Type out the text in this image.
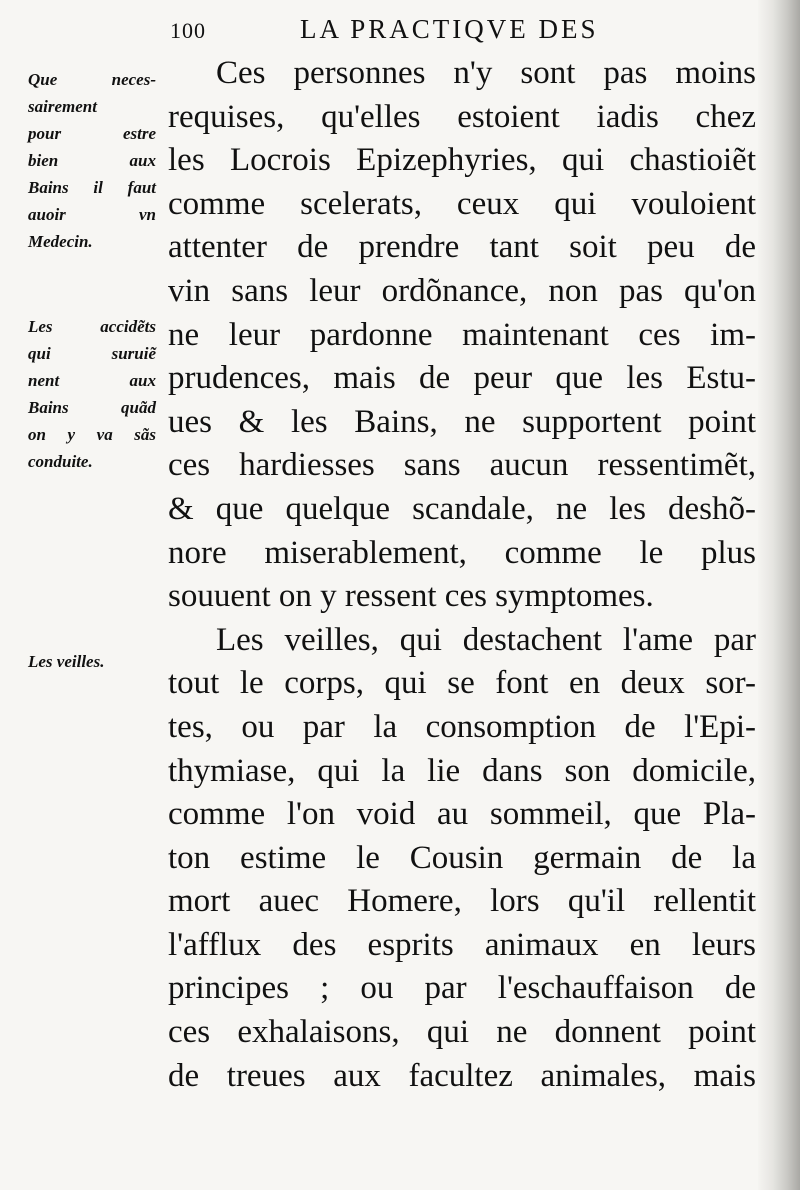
100	LA PRACTIQVE DES
Que neces-
sairement
pour estre
bien aux
Bains il faut
auoir vn
Medecin.
Les accidẽts
qui suruiẽ
nent aux
Bains quãd
on y va sãs
conduite.
Les veilles.
Ces personnes n'y sont pas moins
requises, qu'elles estoient iadis chez
les Locrois Epizephyries, qui chastioiẽt
comme scelerats, ceux qui vouloient
attenter de prendre tant soit peu de
vin sans leur ordõnance, non pas qu'on
ne leur pardonne maintenant ces im-
prudences, mais de peur que les Estu-
ues & les Bains, ne supportent point
ces hardiesses sans aucun ressentimẽt,
& que quelque scandale, ne les deshõ-
nore miserablement, comme le plus
souuent on y ressent ces symptomes.
Les veilles, qui destachent l'ame par
tout le corps, qui se font en deux sor-
tes, ou par la consomption de l'Epi-
thymiase, qui la lie dans son domicile,
comme l'on void au sommeil, que Pla-
ton estime le Cousin germain de la
mort auec Homere, lors qu'il rellentit
l'afflux des esprits animaux en leurs
principes ; ou par l'eschauffaison de
ces exhalaisons, qui ne donnent point
de treues aux facultez animales, mais
